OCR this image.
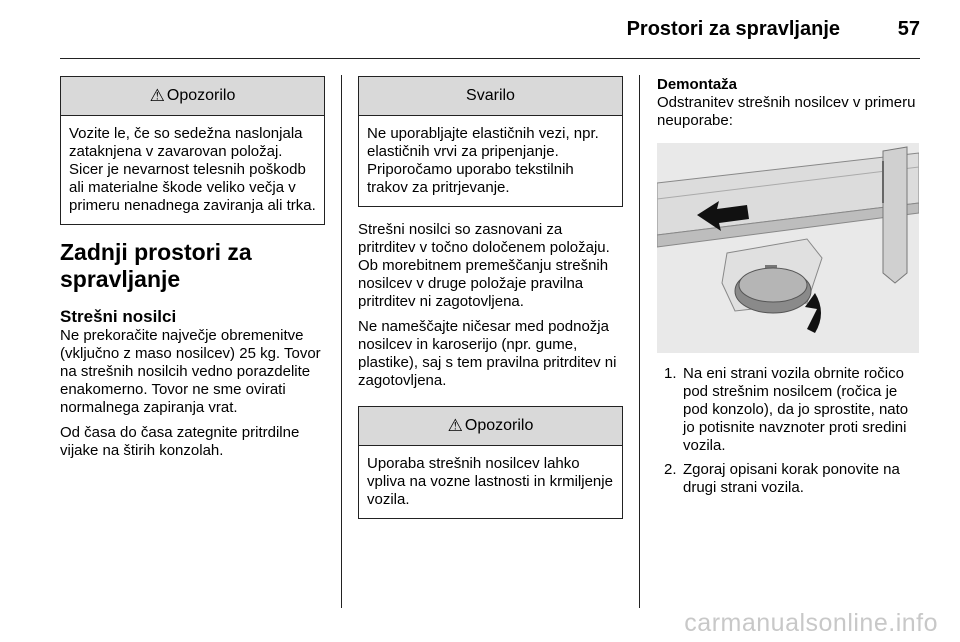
Prostori za spravljanje	57
⚠ Opozorilo
Vozite le, če so sedežna naslonjala zataknjena v zavarovan položaj. Sicer je nevarnost telesnih poškodb ali materialne škode veliko večja v primeru nenadnega zaviranja ali trka.
Zadnji prostori za spravljanje
Strešni nosilci

Ne prekoračite največje obremenitve (vključno z maso nosilcev) 25 kg. Tovor na strešnih nosilcih vedno porazdelite enakomerno. Tovor ne sme ovirati normalnega zapiranja vrat.

Od časa do časa zategnite pritrdilne vijake na štirih konzolah.

Svarilo
Ne uporabljajte elastičnih vezi, npr. elastičnih vrvi za pripenjanje. Priporočamo uporabo tekstilnih trakov za pritrjevanje.

Strešni nosilci so zasnovani za pritrditev v točno določenem položaju. Ob morebitnem premeščanju strešnih nosilcev v druge položaje pravilna pritrditev ni zagotovljena.

Ne nameščajte ničesar med podnožja nosilcev in karoserijo (npr. gume, plastike), saj s tem pravilna pritrditev ni zagotovljena.

⚠ Opozorilo
Uporaba strešnih nosilcev lahko vpliva na vozne lastnosti in krmiljenje vozila.
Demontaža

Odstranitev strešnih nosilcev v primeru neuporabe:

1. Na eni strani vozila obrnite ročico pod strešnim nosilcem (ročica je pod konzolo), da jo sprostite, nato jo potisnite navznoter proti sredini vozila.
2. Zgoraj opisani korak ponovite na drugi strani vozila.
carmanualsonline.info
